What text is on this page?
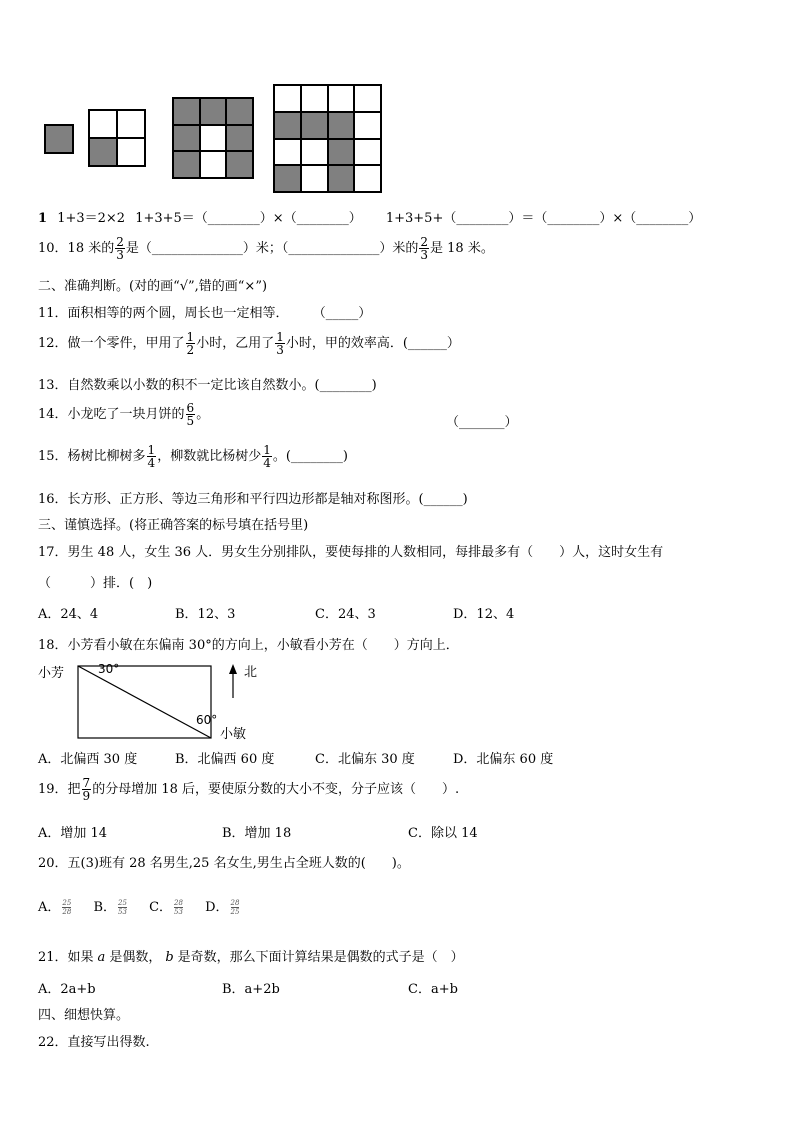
1 1+3＝2×2 1+3+5＝（________）×（________） 1+3+5+（________）＝（________）×（________）
10．18 米的 $\frac{2}{3}$ 是（______________）米；（______________）米的 $\frac{2}{3}$ 是 18 米。
二、准确判断。(对的画“√”,错的画“×”)
11．面积相等的两个圆，周长也一定相等． （_____）
12．做一个零件，甲用了 $\frac{1}{2}$ 小时，乙用了 $\frac{1}{3}$ 小时，甲的效率高．(______）
13．自然数乘以小数的积不一定比该自然数小。(________)
14．小龙吃了一块月饼的 $\frac{6}{5}$ 。
（_______）
15．杨树比柳树多 $\frac{1}{4}$ ，柳数就比杨树少 $\frac{1}{4}$ 。(________)
16．长方形、正方形、等边三角形和平行四边形都是轴对称图形。(______)
三、谨慎选择。(将正确答案的标号填在括号里)
17．男生 48 人，女生 36 人．男女生分别排队，要使每排的人数相同，每排最多有（　　）人，这时女生有
（　　　）排．(　)
A．24、4	B．12、3	C．24、3	D．12、4
18．小芳看小敏在东偏南 30°的方向上，小敏看小芳在（　　）方向上．
小芳	30°
60°
小敏
北
A．北偏西 30 度	B．北偏西 60 度	C．北偏东 30 度	D．北偏东 60 度
19．把 $\frac{7}{9}$ 的分母增加 18 后，要使原分数的大小不变，分子应该（　　）.
A．增加 14	B．增加 18	C．除以 14
20．五(3)班有 28 名男生,25 名女生,男生占全班人数的(　　)。
A． $\frac{25}{28}$ B． $\frac{25}{53}$ C． $\frac{28}{53}$ D． $\frac{28}{25}$
21．如果 a 是偶数， b 是奇数，那么下面计算结果是偶数的式子是（　）
A．2a+b	B．a+2b	C．a+b
四、细想快算。
22．直接写出得数.
